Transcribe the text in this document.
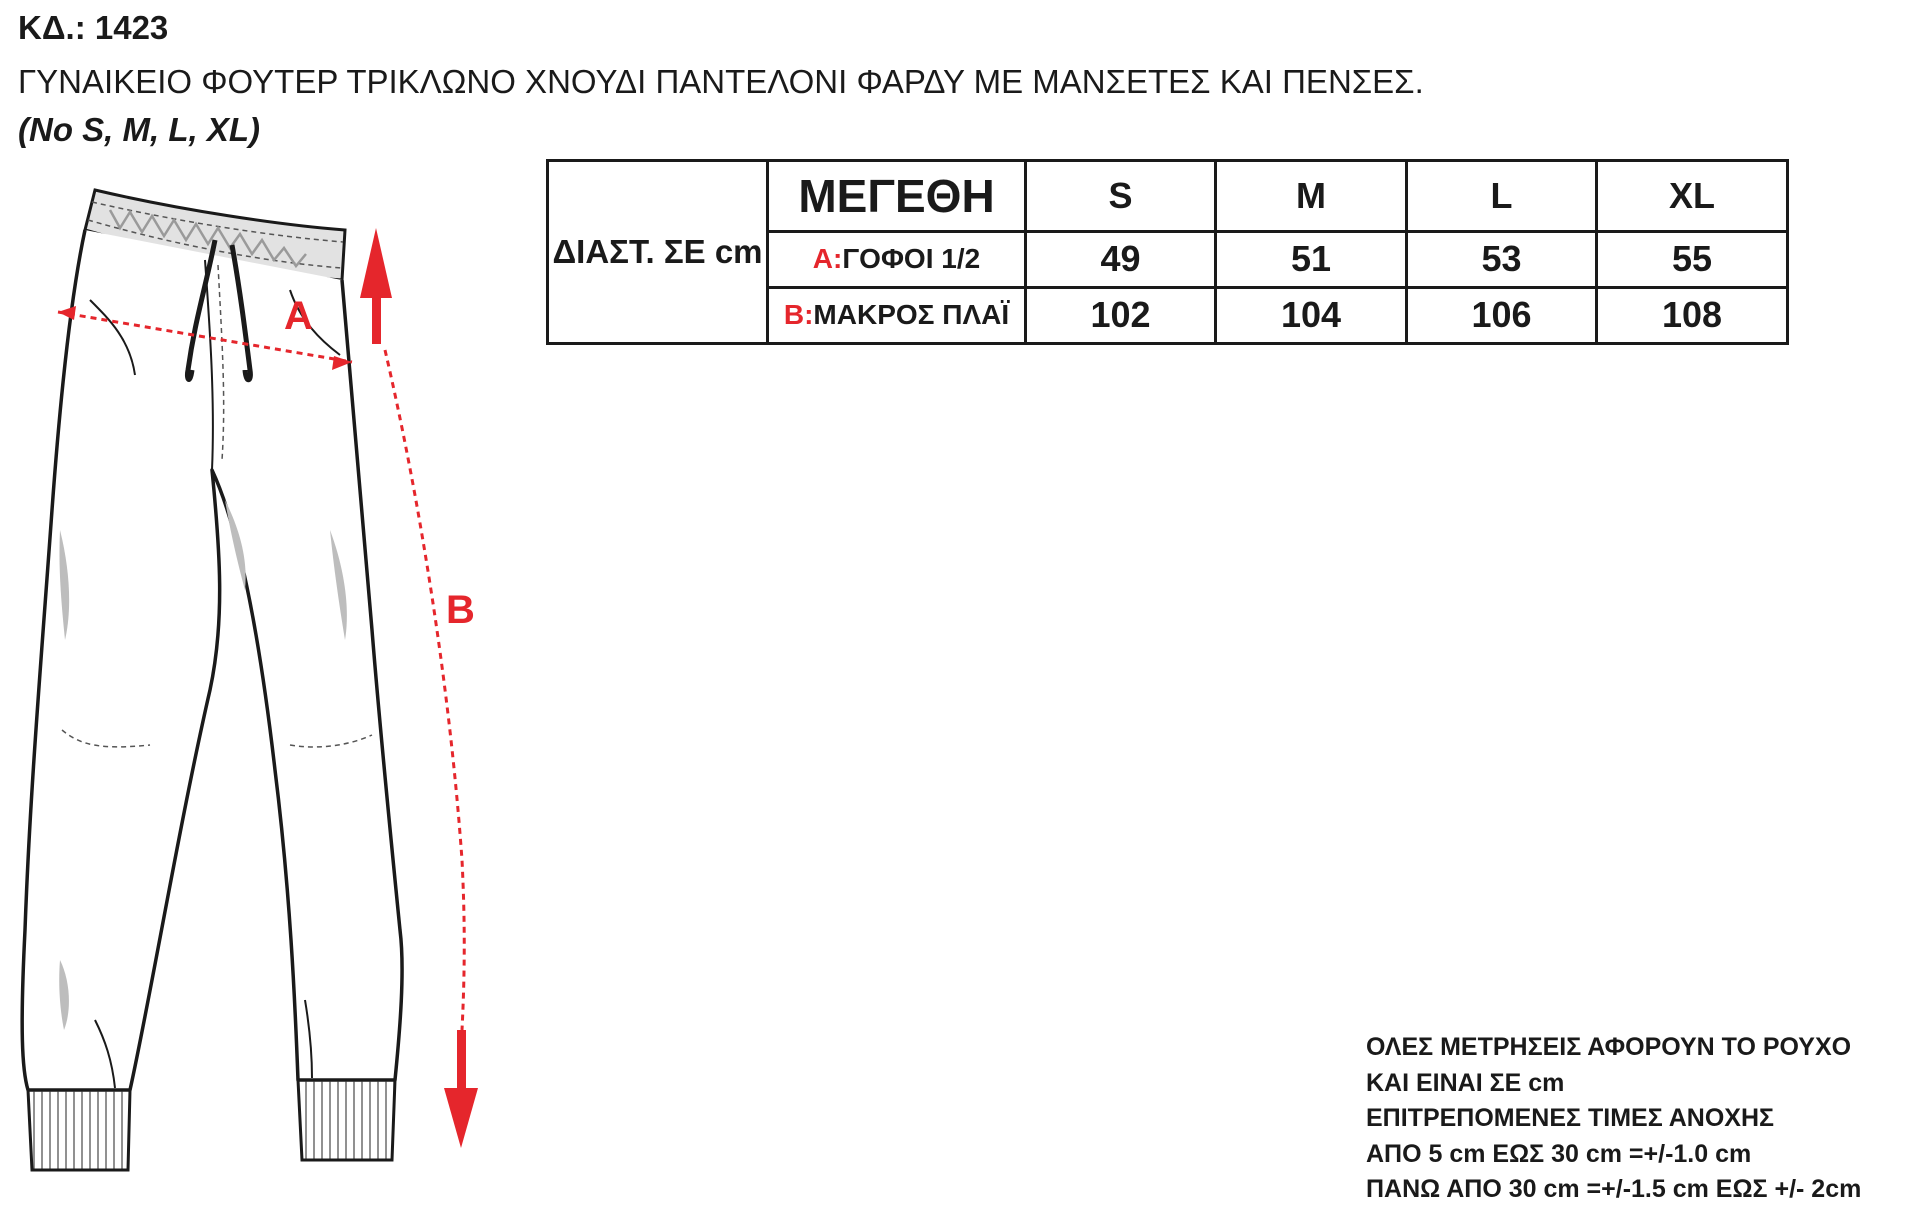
ΚΔ.: 1423
ΓΥΝΑΙΚΕΙΟ ΦΟΥΤΕΡ ΤΡΙΚΛΩΝΟ ΧΝΟΥΔΙ ΠΑΝΤΕΛΟΝΙ ΦΑΡΔΥ ΜΕ ΜΑΝΣΕΤΕΣ ΚΑΙ ΠΕΝΣΕΣ.
(No S, M, L, XL)
A
B
ΔΙΑΣΤ. ΣΕ cm	ΜΕΓΕΘΗ	S	M	L	XL
	A:ΓΟΦΟΙ 1/2	49	51	53	55
	B:ΜΑΚΡΟΣ ΠΛΑΪ	102	104	106	108
ΟΛΕΣ ΜΕΤΡΗΣΕΙΣ ΑΦΟΡΟΥΝ ΤΟ ΡΟΥΧΟ
ΚΑΙ ΕΙΝΑΙ ΣΕ cm
ΕΠΙΤΡΕΠΟΜΕΝΕΣ ΤΙΜΕΣ ΑΝΟΧΗΣ
ΑΠΟ 5 cm ΕΩΣ 30 cm =+/-1.0 cm
ΠΑΝΩ ΑΠΟ 30 cm =+/-1.5 cm ΕΩΣ +/- 2cm
